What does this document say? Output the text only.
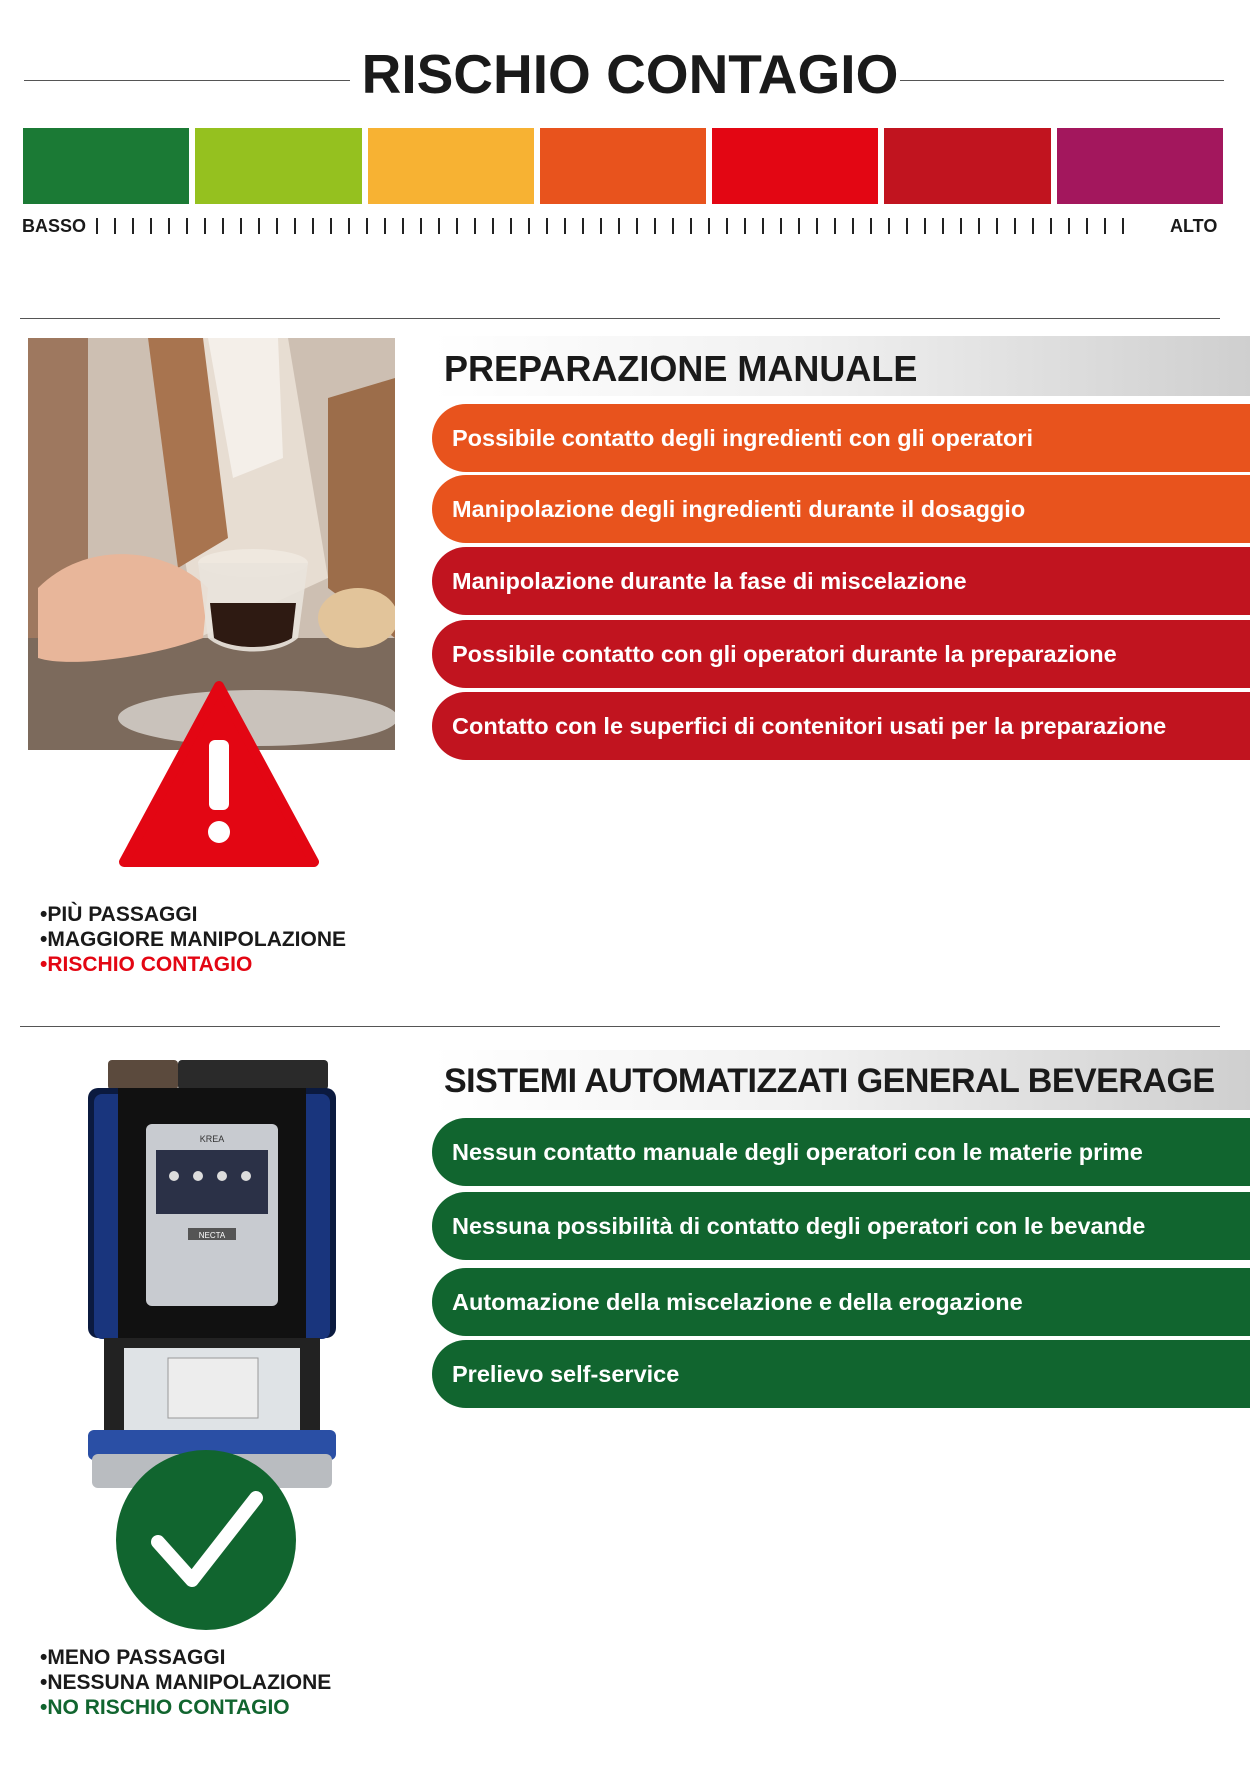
RISCHIO CONTAGIO
BASSO	ALTO
PREPARAZIONE MANUALE
Possibile contatto degli ingredienti con gli operatori
Manipolazione degli ingredienti durante il dosaggio
Manipolazione durante la fase di miscelazione
Possibile contatto con gli operatori durante la preparazione
Contatto con le superfici di contenitori usati per la preparazione
• PIÙ PASSAGGI
• MAGGIORE MANIPOLAZIONE
• RISCHIO CONTAGIO
KREA
NECTA
SISTEMI AUTOMATIZZATI GENERAL BEVERAGE
Nessun contatto manuale degli operatori con le materie prime
Nessuna possibilità di contatto degli operatori con le bevande
Automazione della miscelazione e della erogazione
Prelievo self-service
• MENO PASSAGGI
• NESSUNA MANIPOLAZIONE
• NO RISCHIO CONTAGIO
